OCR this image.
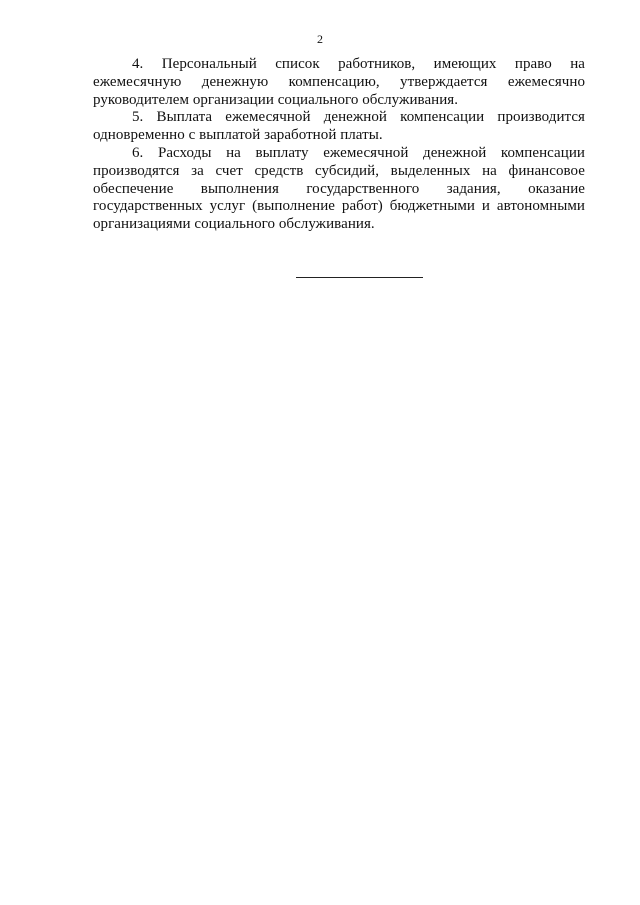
2

4. Персональный список работников, имеющих право на ежемесячную денежную компенсацию, утверждается ежемесячно руководителем организации социального обслуживания.

5. Выплата ежемесячной денежной компенсации производится одновременно с выплатой заработной платы.

6. Расходы на выплату ежемесячной денежной компенсации производятся за счет средств субсидий, выделенных на финансовое обеспечение выполнения государственного задания, оказание государственных услуг (выполнение работ) бюджетными и автономными организациями социального обслуживания.
